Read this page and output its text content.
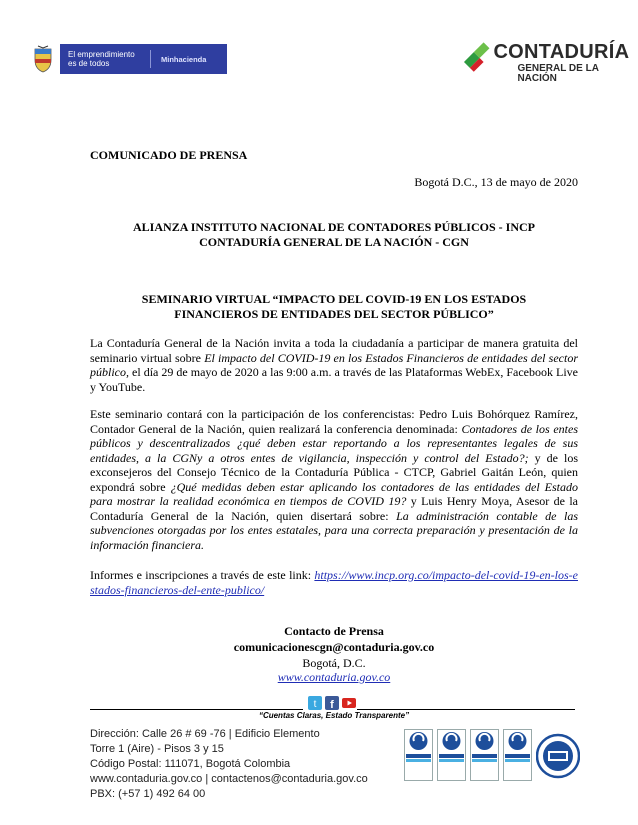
El emprendimiento
es de todos	Minhacienda	CONTADURÍA
GENERAL DE LA NACIÓN
COMUNICADO DE PRENSA
Bogotá D.C., 13 de mayo de 2020
ALIANZA INSTITUTO NACIONAL DE CONTADORES PÚBLICOS - INCP
CONTADURÍA GENERAL DE LA NACIÓN - CGN
SEMINARIO VIRTUAL “IMPACTO DEL COVID-19 EN LOS ESTADOS
FINANCIEROS DE ENTIDADES DEL SECTOR PÚBLICO”
La Contaduría General de la Nación invita a toda la ciudadanía a participar de manera gratuita del seminario virtual sobre El impacto del COVID-19 en los Estados Financieros de entidades del sector público, el día 29 de mayo de 2020 a las 9:00 a.m. a través de las Plataformas WebEx, Facebook Live y YouTube.
Este seminario contará con la participación de los conferencistas: Pedro Luis Bohórquez Ramírez, Contador General de la Nación, quien realizará la conferencia denominada: Contadores de los entes públicos y descentralizados ¿qué deben estar reportando a los representantes legales de sus entidades, a la CGNy a otros entes de vigilancia, inspección y control del Estado?; y de los exconsejeros del Consejo Técnico de la Contaduría Pública - CTCP, Gabriel Gaitán León, quien expondrá sobre ¿Qué medidas deben estar aplicando los contadores de las entidades del Estado para mostrar la realidad económica en tiempos de COVID 19? y Luis Henry Moya, Asesor de la Contaduría General de la Nación, quien disertará sobre: La administración contable de las subvenciones otorgadas por los entes estatales, para una correcta preparación y presentación de la información financiera.
Informes e inscripciones a través de este link: https://www.incp.org.co/impacto-del-covid-19-en-los-estados-financieros-del-ente-publico/
Contacto de Prensa
comunicacionescgn@contaduria.gov.co
Bogotá, D.C.
www.contaduria.gov.co
t f
“Cuentas Claras, Estado Transparente”
Dirección: Calle 26 # 69 -76 | Edificio Elemento
Torre 1 (Aire) - Pisos 3 y 15
Código Postal: 111071, Bogotá Colombia
www.contaduria.gov.co | contactenos@contaduria.gov.co
PBX: (+57 1) 492 64 00
